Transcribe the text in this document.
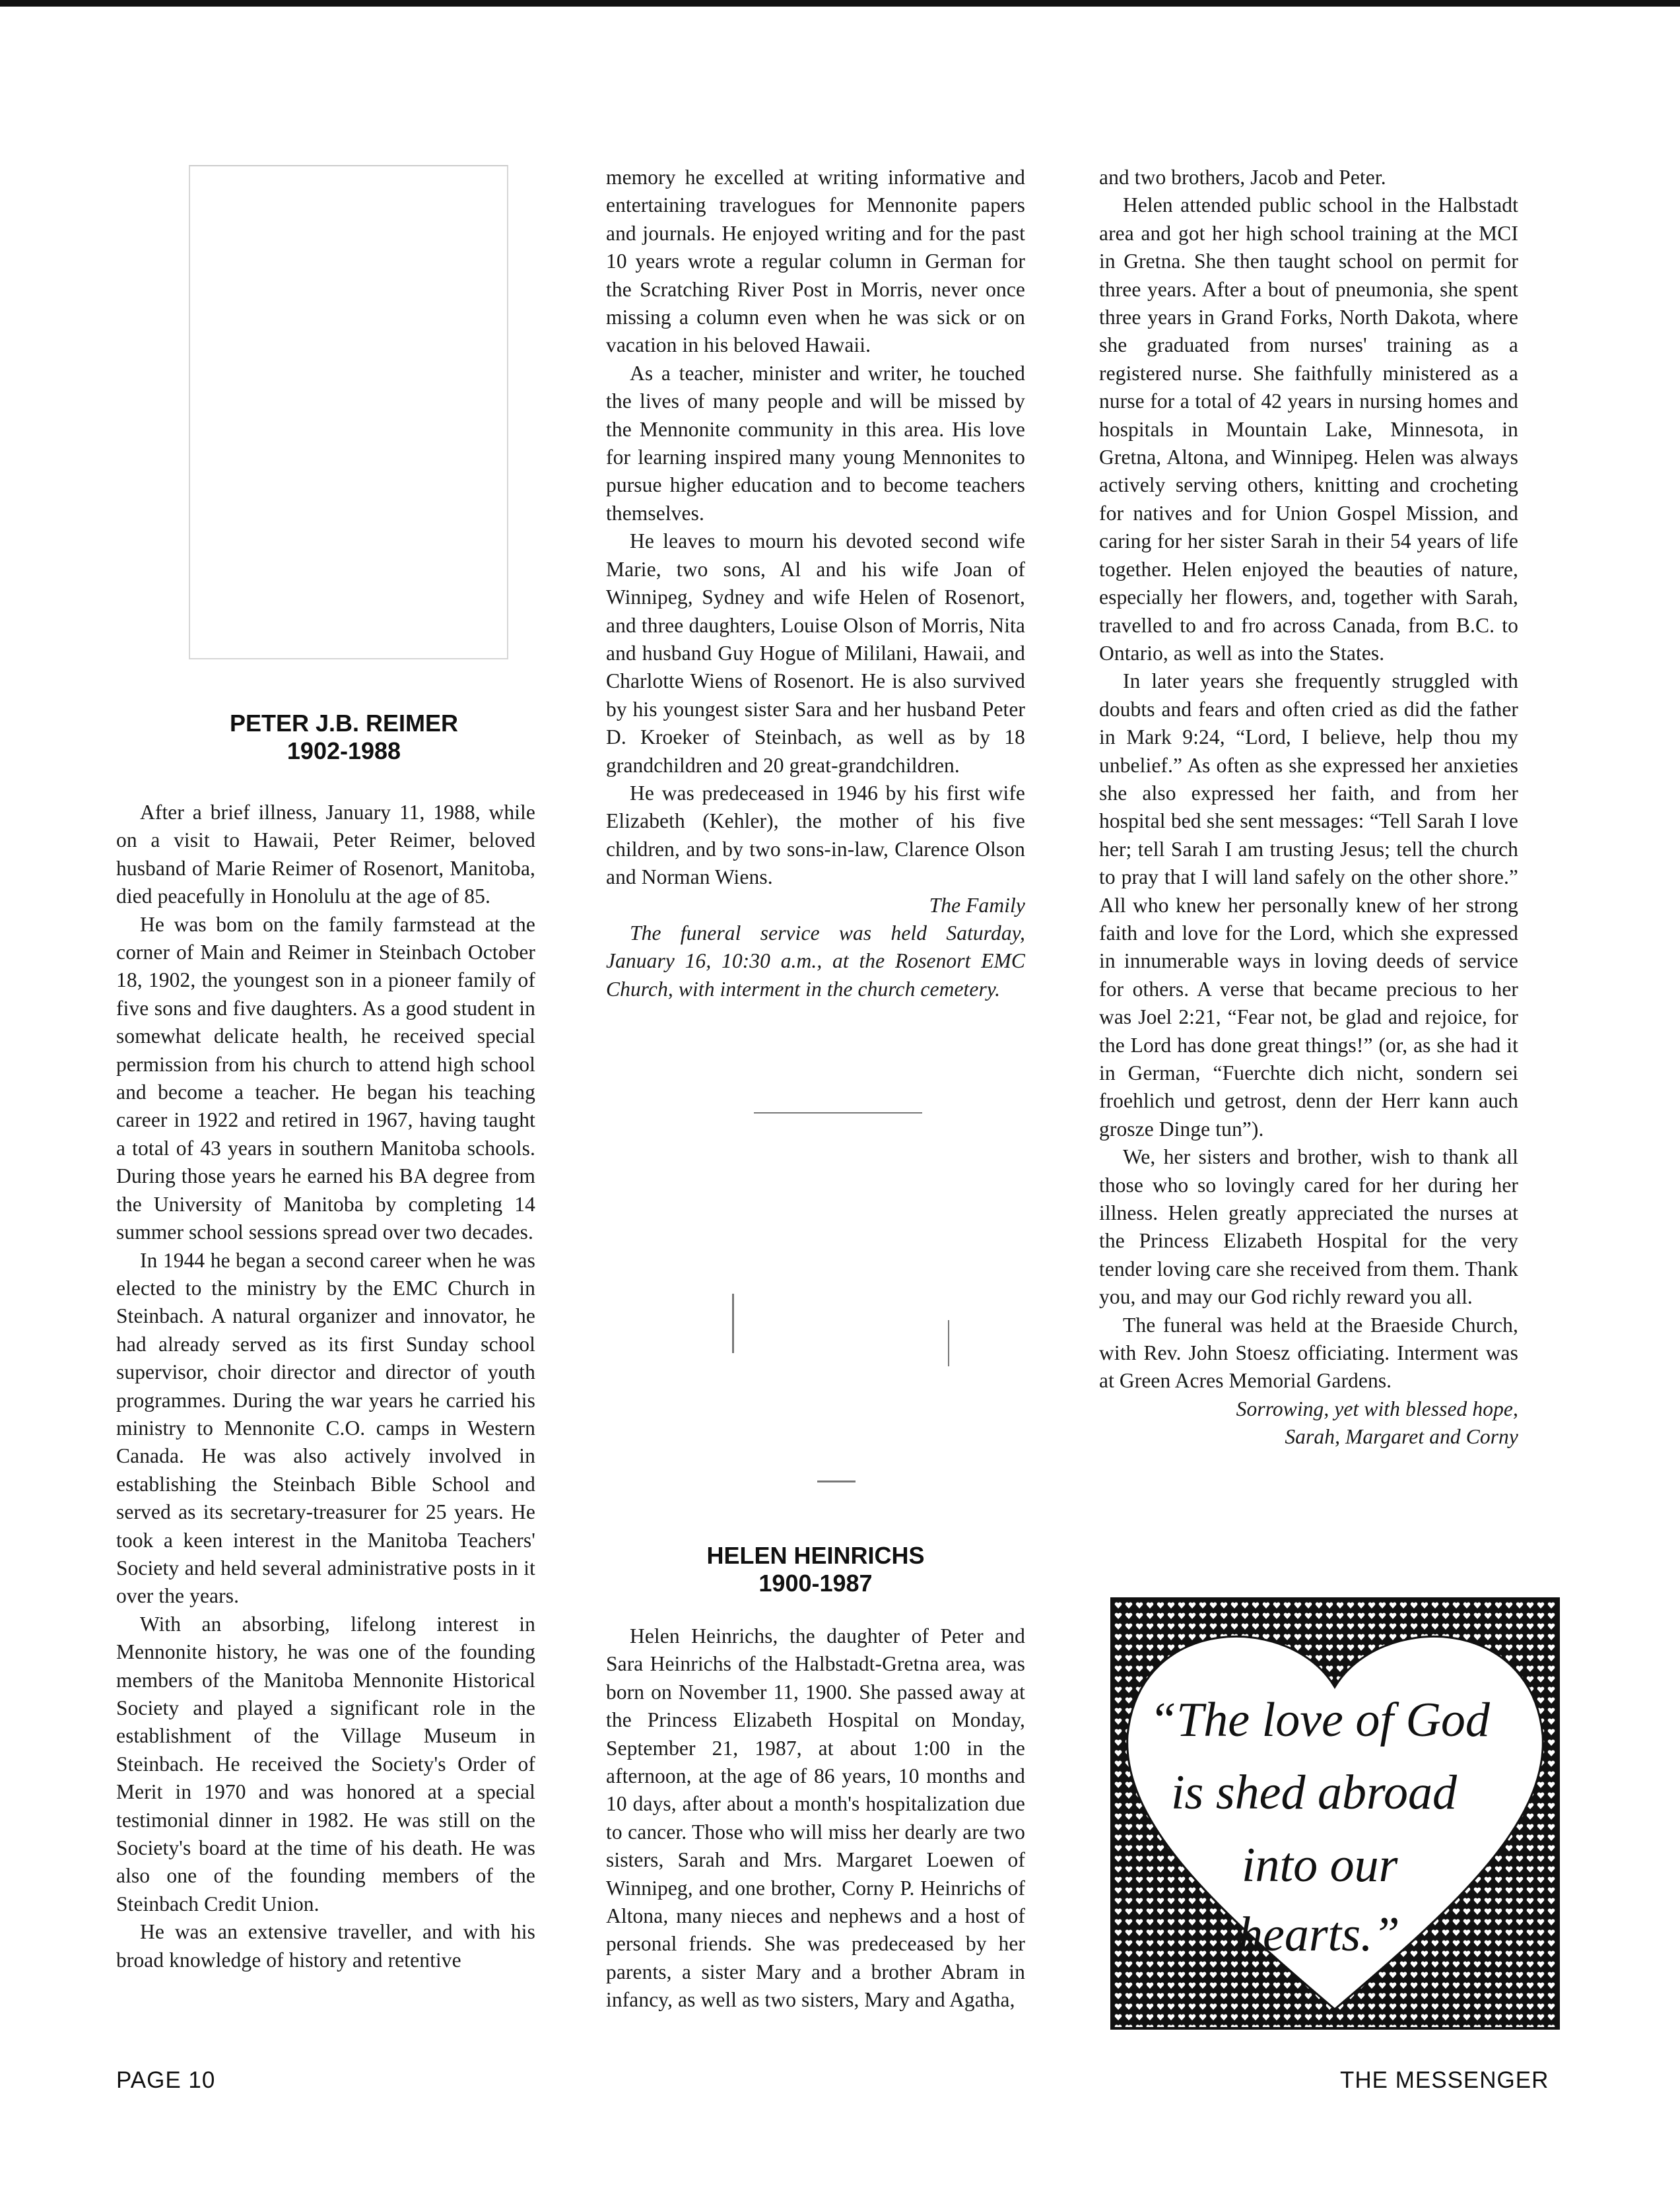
PETER J.B. REIMER
1902-1988

After a brief illness, January 11, 1988, while on a visit to Hawaii, Peter Reimer, beloved husband of Marie Reimer of Rosenort, Manitoba, died peacefully in Honolulu at the age of 85.

He was bom on the family farmstead at the corner of Main and Reimer in Steinbach October 18, 1902, the youngest son in a pioneer family of five sons and five daughters. As a good student in somewhat delicate health, he received special permission from his church to attend high school and become a teacher. He began his teaching career in 1922 and retired in 1967, having taught a total of 43 years in southern Manitoba schools. During those years he earned his BA degree from the University of Manitoba by completing 14 summer school sessions spread over two decades.

In 1944 he began a second career when he was elected to the ministry by the EMC Church in Steinbach. A natural organizer and innovator, he had already served as its first Sunday school supervisor, choir director and director of youth programmes. During the war years he carried his ministry to Mennonite C.O. camps in Western Canada. He was also actively involved in establishing the Steinbach Bible School and served as its secretary-treasurer for 25 years. He took a keen interest in the Manitoba Teachers' Society and held several administrative posts in it over the years.

With an absorbing, lifelong interest in Mennonite history, he was one of the founding members of the Manitoba Mennonite Historical Society and played a significant role in the establishment of the Village Museum in Steinbach. He received the Society's Order of Merit in 1970 and was honored at a special testimonial dinner in 1982. He was still on the Society's board at the time of his death. He was also one of the founding members of the Steinbach Credit Union.

He was an extensive traveller, and with his broad knowledge of history and retentive

memory he excelled at writing informative and entertaining travelogues for Mennonite papers and journals. He enjoyed writing and for the past 10 years wrote a regular column in German for the Scratching River Post in Morris, never once missing a column even when he was sick or on vacation in his beloved Hawaii.

As a teacher, minister and writer, he touched the lives of many people and will be missed by the Mennonite community in this area. His love for learning inspired many young Mennonites to pursue higher education and to become teachers themselves.

He leaves to mourn his devoted second wife Marie, two sons, Al and his wife Joan of Winnipeg, Sydney and wife Helen of Rosenort, and three daughters, Louise Olson of Morris, Nita and husband Guy Hogue of Mililani, Hawaii, and Charlotte Wiens of Rosenort. He is also survived by his youngest sister Sara and her husband Peter D. Kroeker of Steinbach, as well as by 18 grandchildren and 20 great-grandchildren.

He was predeceased in 1946 by his first wife Elizabeth (Kehler), the mother of his five children, and by two sons-in-law, Clarence Olson and Norman Wiens.

The Family

The funeral service was held Saturday, January 16, 10:30 a.m., at the Rosenort EMC Church, with interment in the church cemetery.

HELEN HEINRICHS
1900-1987

Helen Heinrichs, the daughter of Peter and Sara Heinrichs of the Halbstadt-Gretna area, was born on November 11, 1900. She passed away at the Princess Elizabeth Hospital on Monday, September 21, 1987, at about 1:00 in the afternoon, at the age of 86 years, 10 months and 10 days, after about a month's hospitalization due to cancer. Those who will miss her dearly are two sisters, Sarah and Mrs. Margaret Loewen of Winnipeg, and one brother, Corny P. Heinrichs of Altona, many nieces and nephews and a host of personal friends. She was predeceased by her parents, a sister Mary and a brother Abram in infancy, as well as two sisters, Mary and Agatha,

and two brothers, Jacob and Peter.

Helen attended public school in the Halbstadt area and got her high school training at the MCI in Gretna. She then taught school on permit for three years. After a bout of pneumonia, she spent three years in Grand Forks, North Dakota, where she graduated from nurses' training as a registered nurse. She faithfully ministered as a nurse for a total of 42 years in nursing homes and hospitals in Mountain Lake, Minnesota, in Gretna, Altona, and Winnipeg. Helen was always actively serving others, knitting and crocheting for natives and for Union Gospel Mission, and caring for her sister Sarah in their 54 years of life together. Helen enjoyed the beauties of nature, especially her flowers, and, together with Sarah, travelled to and fro across Canada, from B.C. to Ontario, as well as into the States.

In later years she frequently struggled with doubts and fears and often cried as did the father in Mark 9:24, “Lord, I believe, help thou my unbelief.” As often as she expressed her anxieties she also expressed her faith, and from her hospital bed she sent messages: “Tell Sarah I love her; tell Sarah I am trusting Jesus; tell the church to pray that I will land safely on the other shore.” All who knew her personally knew of her strong faith and love for the Lord, which she expressed in innumerable ways in loving deeds of service for others. A verse that became precious to her was Joel 2:21, “Fear not, be glad and rejoice, for the Lord has done great things!” (or, as she had it in German, “Fuerchte dich nicht, sondern sei froehlich und getrost, denn der Herr kann auch grosze Dinge tun”).

We, her sisters and brother, wish to thank all those who so lovingly cared for her during her illness. Helen greatly appreciated the nurses at the Princess Elizabeth Hospital for the very tender loving care she received from them. Thank you, and may our God richly reward you all.

The funeral was held at the Braeside Church, with Rev. John Stoesz officiating. Interment was at Green Acres Memorial Gardens.

Sorrowing, yet with blessed hope,

Sarah, Margaret and Corny

“The love of God
is shed abroad
into our
hearts.”
PAGE 10	THE MESSENGER
